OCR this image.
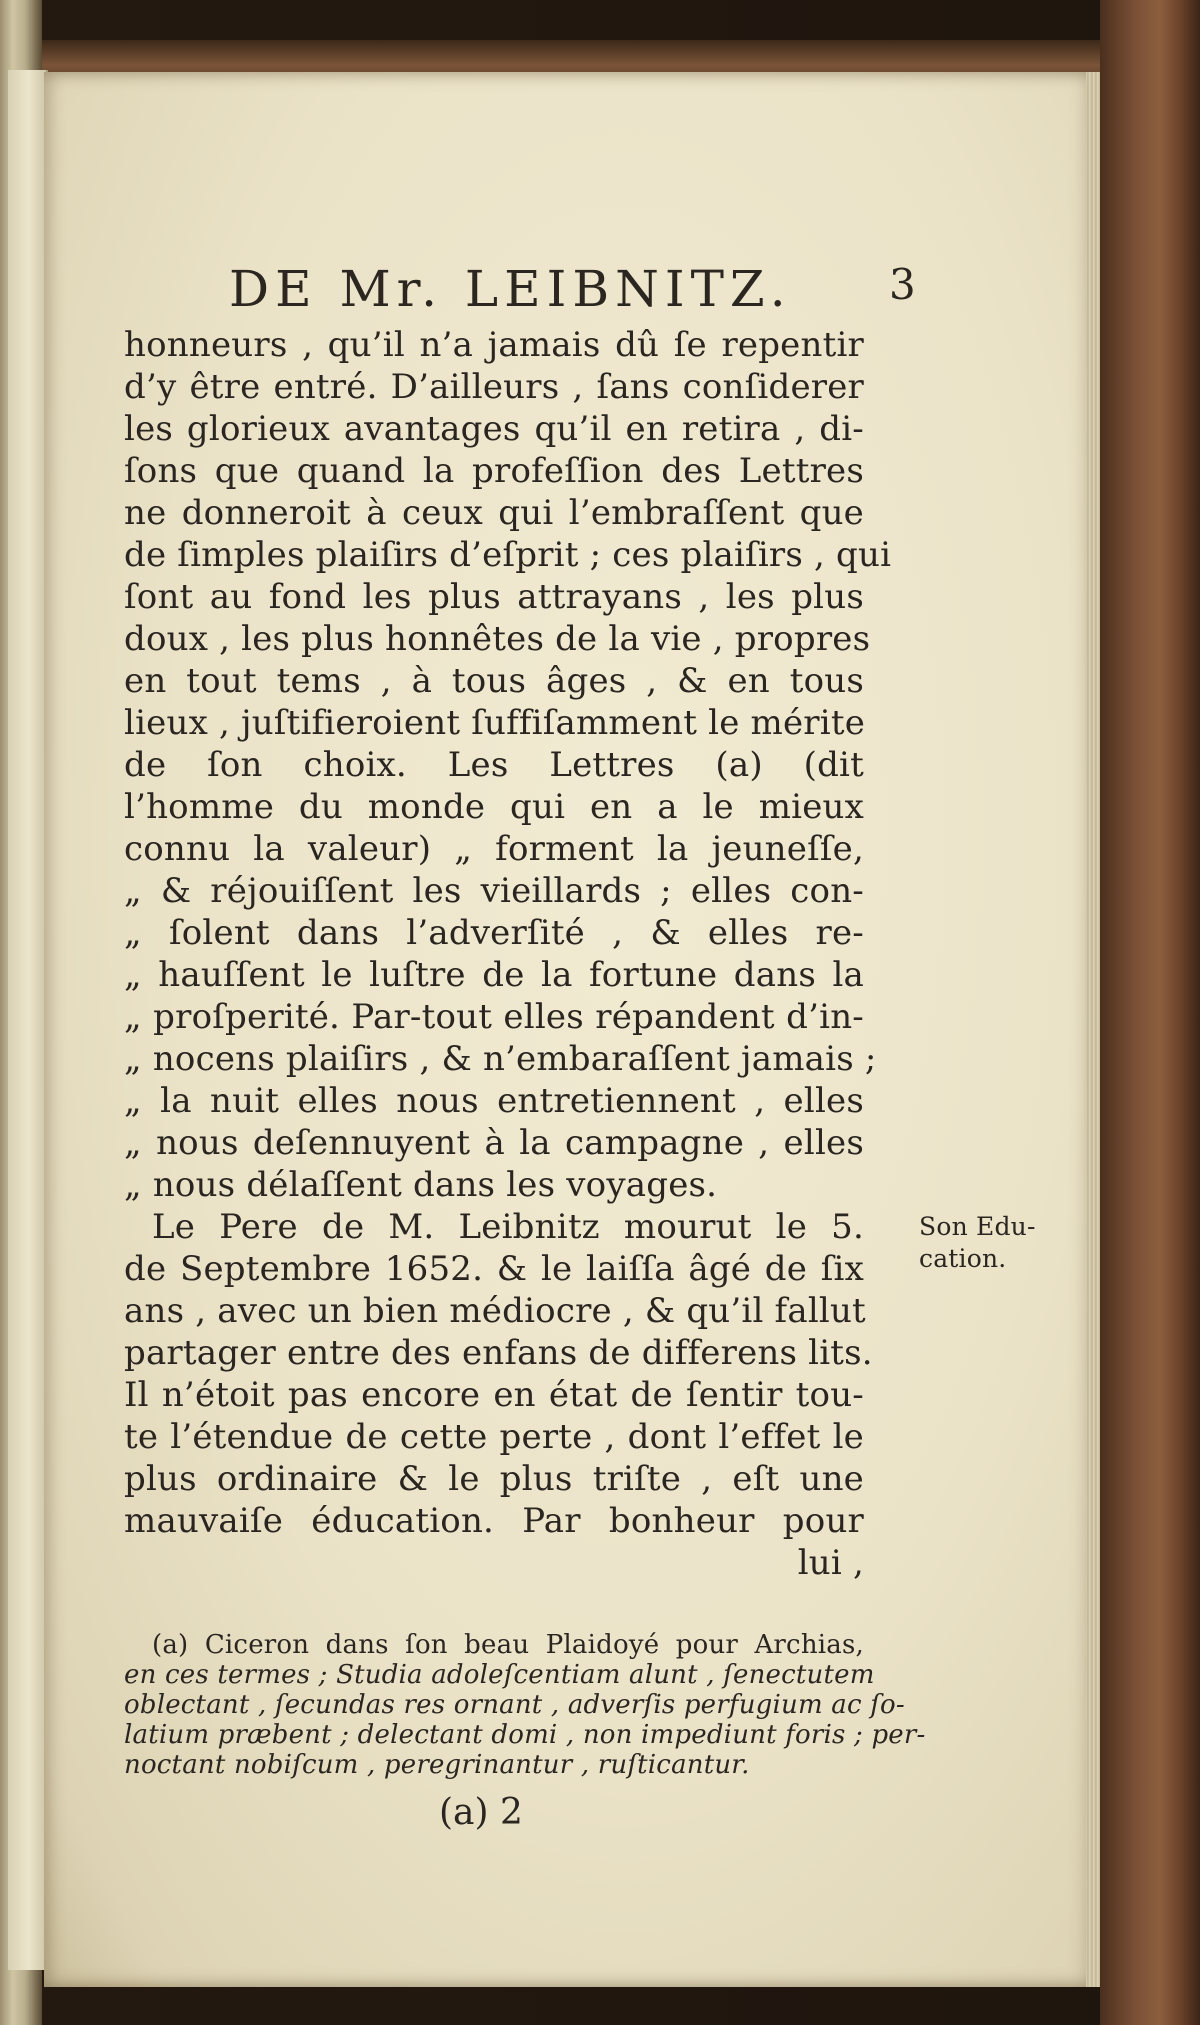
DE Mr. LEIBNITZ. 3
honneurs , qu’il n’a jamais dû ſe repentir
d’y être entré. D’ailleurs , ſans conſiderer
les glorieux avantages qu’il en retira , di-
ſons que quand la profeſſion des Lettres
ne donneroit à ceux qui l’embraſſent que
de ſimples plaiſirs d’eſprit ; ces plaiſirs , qui
ſont au fond les plus attrayans , les plus
doux , les plus honnêtes de la vie , propres
en tout tems , à tous âges , & en tous
lieux , juſtifieroient ſuffiſamment le mérite
de ſon choix. Les Lettres (a) (dit
l’homme du monde qui en a le mieux
connu la valeur) „ forment la jeuneſſe,
„ & réjouiſſent les vieillards ; elles con-
„ ſolent dans l’adverſité , & elles re-
„ hauſſent le luſtre de la fortune dans la
„ proſperité. Par-tout elles répandent d’in-
„ nocens plaiſirs , & n’embaraſſent jamais ;
„ la nuit elles nous entretiennent , elles
„ nous deſennuyent à la campagne , elles
„ nous délaſſent dans les voyages.
Le Pere de M. Leibnitz mourut le 5.
de Septembre 1652. & le laiſſa âgé de ſix
ans , avec un bien médiocre , & qu’il fallut
partager entre des enfans de differens lits.
Il n’étoit pas encore en état de ſentir tou-
te l’étendue de cette perte , dont l’effet le
plus ordinaire & le plus triſte , eſt une
mauvaiſe éducation. Par bonheur pour
lui ,
Son Edu-
cation.
(a) Ciceron dans ſon beau Plaidoyé pour Archias,
en ces termes ; Studia adoleſcentiam alunt , ſenectutem
oblectant , ſecundas res ornant , adverſis perfugium ac ſo-
latium præbent ; delectant domi , non impediunt foris ; per-
noctant nobiſcum , peregrinantur , ruſticantur.
(a) 2
